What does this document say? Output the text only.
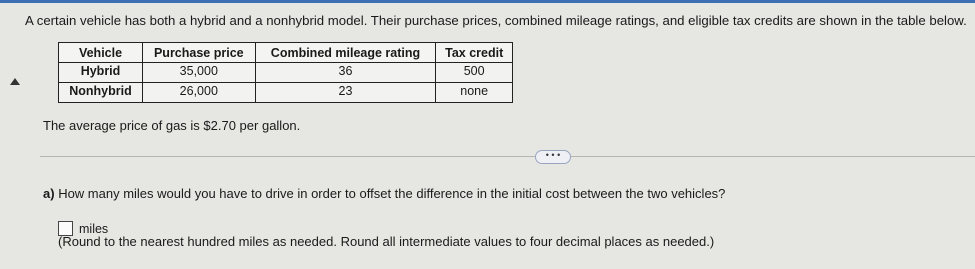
A certain vehicle has both a hybrid and a nonhybrid model. Their purchase prices, combined mileage ratings, and eligible tax credits are shown in the table below.
Vehicle	Purchase price	Combined mileage rating	Tax credit
Hybrid	35,000	36	500
Nonhybrid	26,000	23	none
The average price of gas is $2.70 per gallon.
• • •
a) How many miles would you have to drive in order to offset the difference in the initial cost between the two vehicles?
miles
(Round to the nearest hundred miles as needed. Round all intermediate values to four decimal places as needed.)
